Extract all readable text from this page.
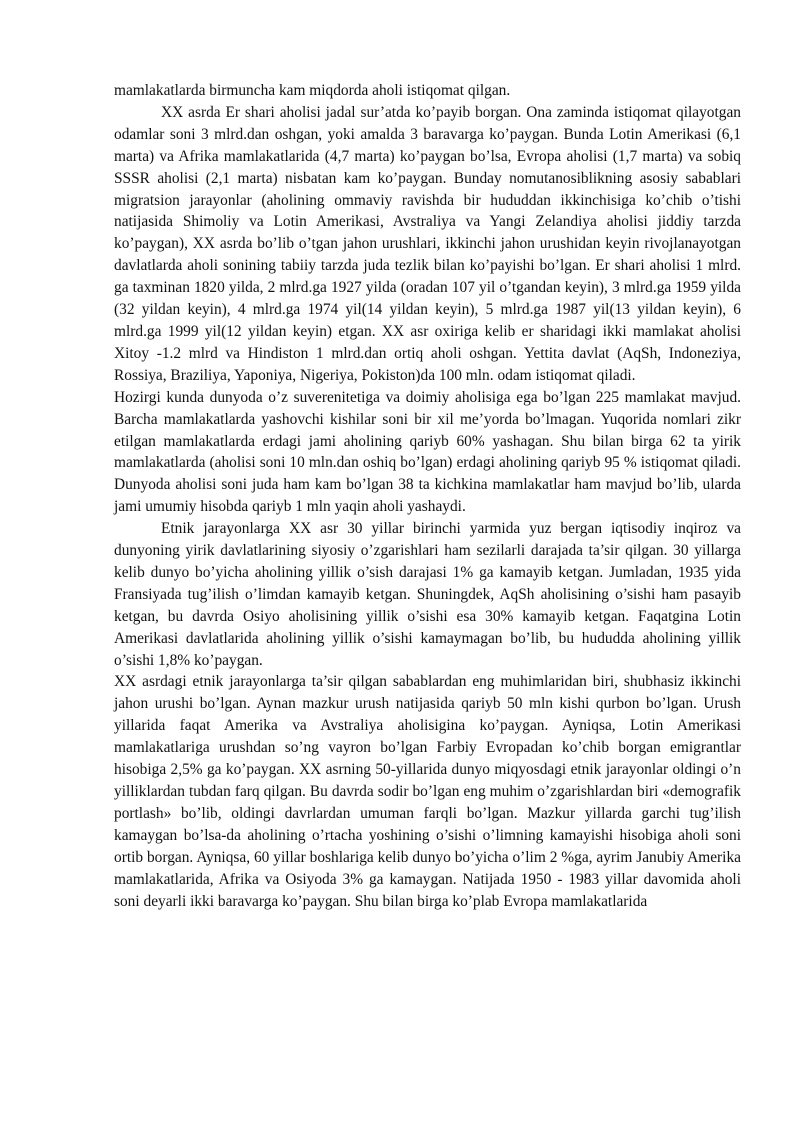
mamlakatlarda birmuncha kam miqdorda aholi istiqomat qilgan.

XX asrda Er shari aholisi jadal sur’atda ko’payib borgan. Ona zaminda istiqomat qilayotgan odamlar soni 3 mlrd.dan oshgan, yoki amalda 3 baravarga ko’paygan. Bunda Lotin Amerikasi (6,1 marta) va Afrika mamlakatlarida (4,7 marta) ko’paygan bo’lsa, Evropa aholisi (1,7 marta) va sobiq SSSR aholisi (2,1 marta) nisbatan kam ko’paygan. Bunday nomutanosiblikning asosiy sabablari migratsion jarayonlar (aholining ommaviy ravishda bir hududdan ikkinchisiga ko’chib o’tishi natijasida Shimoliy va Lotin Amerikasi, Avstraliya va Yangi Zelandiya aholisi jiddiy tarzda ko’paygan), XX asrda bo’lib o’tgan jahon urushlari, ikkinchi jahon urushidan keyin rivojlanayotgan davlatlarda aholi sonining tabiiy tarzda juda tezlik bilan ko’payishi bo’lgan. Er shari aholisi 1 mlrd. ga taxminan 1820 yilda, 2 mlrd.ga 1927 yilda (oradan 107 yil o’tgandan keyin), 3 mlrd.ga 1959 yilda (32 yildan keyin), 4 mlrd.ga 1974 yil(14 yildan keyin), 5 mlrd.ga 1987 yil(13 yildan keyin), 6 mlrd.ga 1999 yil(12 yildan keyin) etgan. XX asr oxiriga kelib er sharidagi ikki mamlakat aholisi Xitoy -1.2 mlrd va Hindiston 1 mlrd.dan ortiq aholi oshgan. Yettita davlat (AqSh, Indoneziya, Rossiya, Braziliya, Yaponiya, Nigeriya, Pokiston)da 100 mln. odam istiqomat qiladi.

Hozirgi kunda dunyoda o’z suverenitetiga va doimiy aholisiga ega bo’lgan 225 mamlakat mavjud. Barcha mamlakatlarda yashovchi kishilar soni bir xil me’yorda bo’lmagan. Yuqorida nomlari zikr etilgan mamlakatlarda erdagi jami aholining qariyb 60% yashagan. Shu bilan birga 62 ta yirik mamlakatlarda (aholisi soni 10 mln.dan oshiq bo’lgan) erdagi aholining qariyb 95 % istiqomat qiladi. Dunyoda aholisi soni juda ham kam bo’lgan 38 ta kichkina mamlakatlar ham mavjud bo’lib, ularda jami umumiy hisobda qariyb 1 mln yaqin aholi yashaydi.

Etnik jarayonlarga XX asr 30 yillar birinchi yarmida yuz bergan iqtisodiy inqiroz va dunyoning yirik davlatlarining siyosiy o’zgarishlari ham sezilarli darajada ta’sir qilgan. 30 yillarga kelib dunyo bo’yicha aholining yillik o’sish darajasi 1% ga kamayib ketgan. Jumladan, 1935 yida Fransiyada tug’ilish o’limdan kamayib ketgan. Shuningdek, AqSh aholisining o’sishi ham pasayib ketgan, bu davrda Osiyo aholisining yillik o’sishi esa 30% kamayib ketgan. Faqatgina Lotin Amerikasi davlatlarida aholining yillik o’sishi kamaymagan bo’lib, bu hududda aholining yillik o’sishi 1,8% ko’paygan.

XX asrdagi etnik jarayonlarga ta’sir qilgan sabablardan eng muhimlaridan biri, shubhasiz ikkinchi jahon urushi bo’lgan. Aynan mazkur urush natijasida qariyb 50 mln kishi qurbon bo’lgan. Urush yillarida faqat Amerika va Avstraliya aholisigina ko’paygan. Ayniqsa, Lotin Amerikasi mamlakatlariga urushdan so’ng vayron bo’lgan Farbiy Evropadan ko’chib borgan emigrantlar hisobiga 2,5% ga ko’paygan. XX asrning 50-yillarida dunyo miqyosdagi etnik jarayonlar oldingi o’n yilliklardan tubdan farq qilgan. Bu davrda sodir bo’lgan eng muhim o’zgarishlardan biri «demografik portlash» bo’lib, oldingi davrlardan umuman farqli bo’lgan. Mazkur yillarda garchi tug’ilish kamaygan bo’lsa-da aholining o’rtacha yoshining o’sishi o’limning kamayishi hisobiga aholi soni ortib borgan. Ayniqsa, 60 yillar boshlariga kelib dunyo bo’yicha o’lim 2 %ga, ayrim Janubiy Amerika mamlakatlarida, Afrika va Osiyoda 3% ga kamaygan. Natijada 1950 - 1983 yillar davomida aholi soni deyarli ikki baravarga ko’paygan. Shu bilan birga ko’plab Evropa mamlakatlarida
